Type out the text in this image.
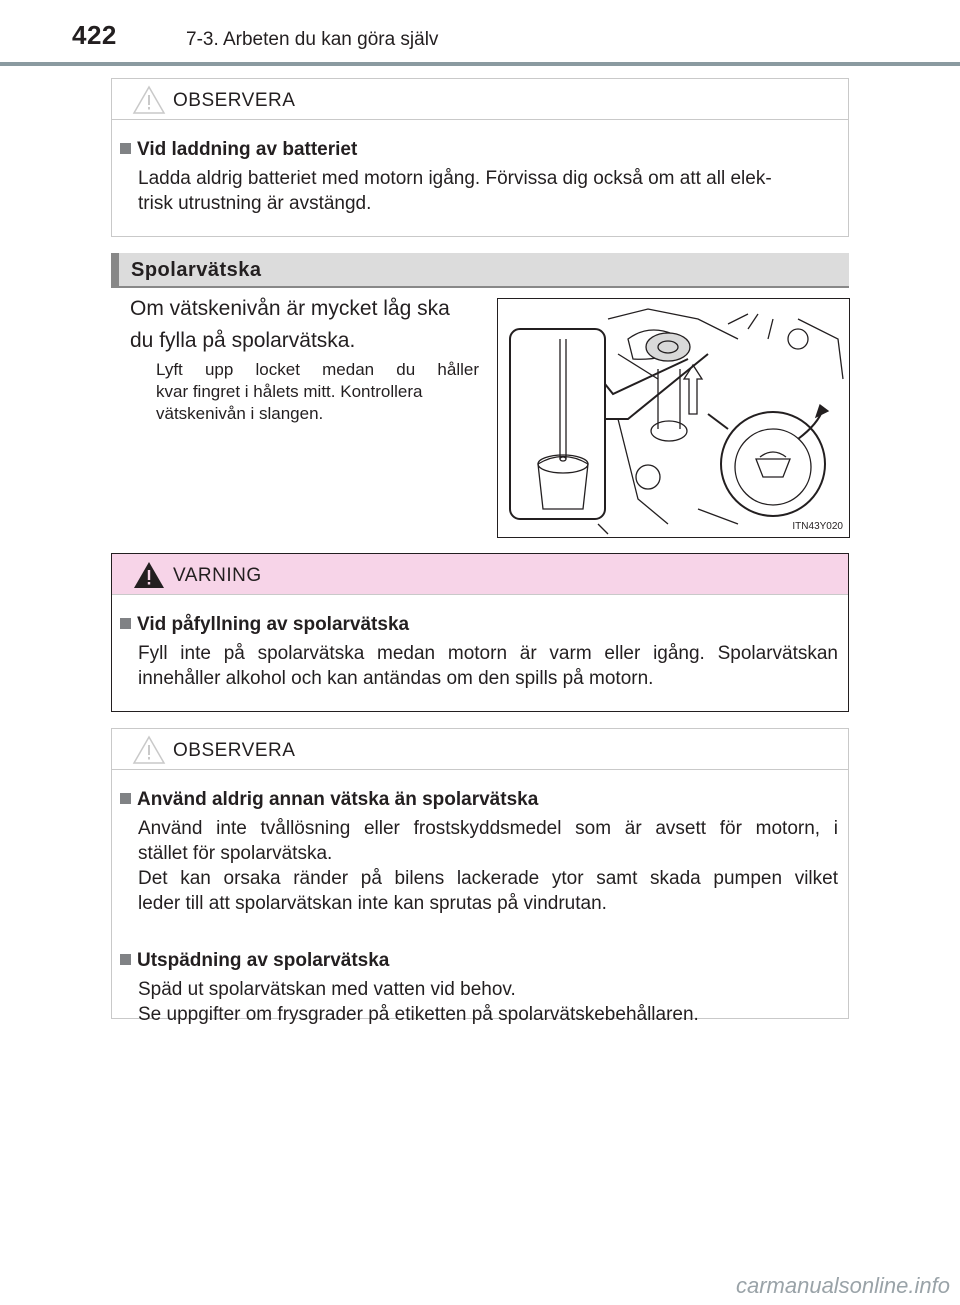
422	7-3. Arbeten du kan göra själv
OBSERVERA
Vid laddning av batteriet
Ladda aldrig batteriet med motorn igång. Förvissa dig också om att all elek-
trisk utrustning är avstängd.
Spolarvätska
Om vätskenivån är mycket låg ska
du fylla på spolarvätska.
Lyft upp locket medan du håller
kvar fingret i hålets mitt. Kontrollera
vätskenivån i slangen.
ITN43Y020
VARNING
Vid påfyllning av spolarvätska
Fyll inte på spolarvätska medan motorn är varm eller igång. Spolarvätskan
innehåller alkohol och kan antändas om den spills på motorn.
OBSERVERA
Använd aldrig annan vätska än spolarvätska
Använd inte tvållösning eller frostskyddsmedel som är avsett för motorn, i
stället för spolarvätska.
Det kan orsaka ränder på bilens lackerade ytor samt skada pumpen vilket
leder till att spolarvätskan inte kan sprutas på vindrutan.
Utspädning av spolarvätska
Späd ut spolarvätskan med vatten vid behov.
Se uppgifter om frysgrader på etiketten på spolarvätskebehållaren.
carmanualsonline.info
